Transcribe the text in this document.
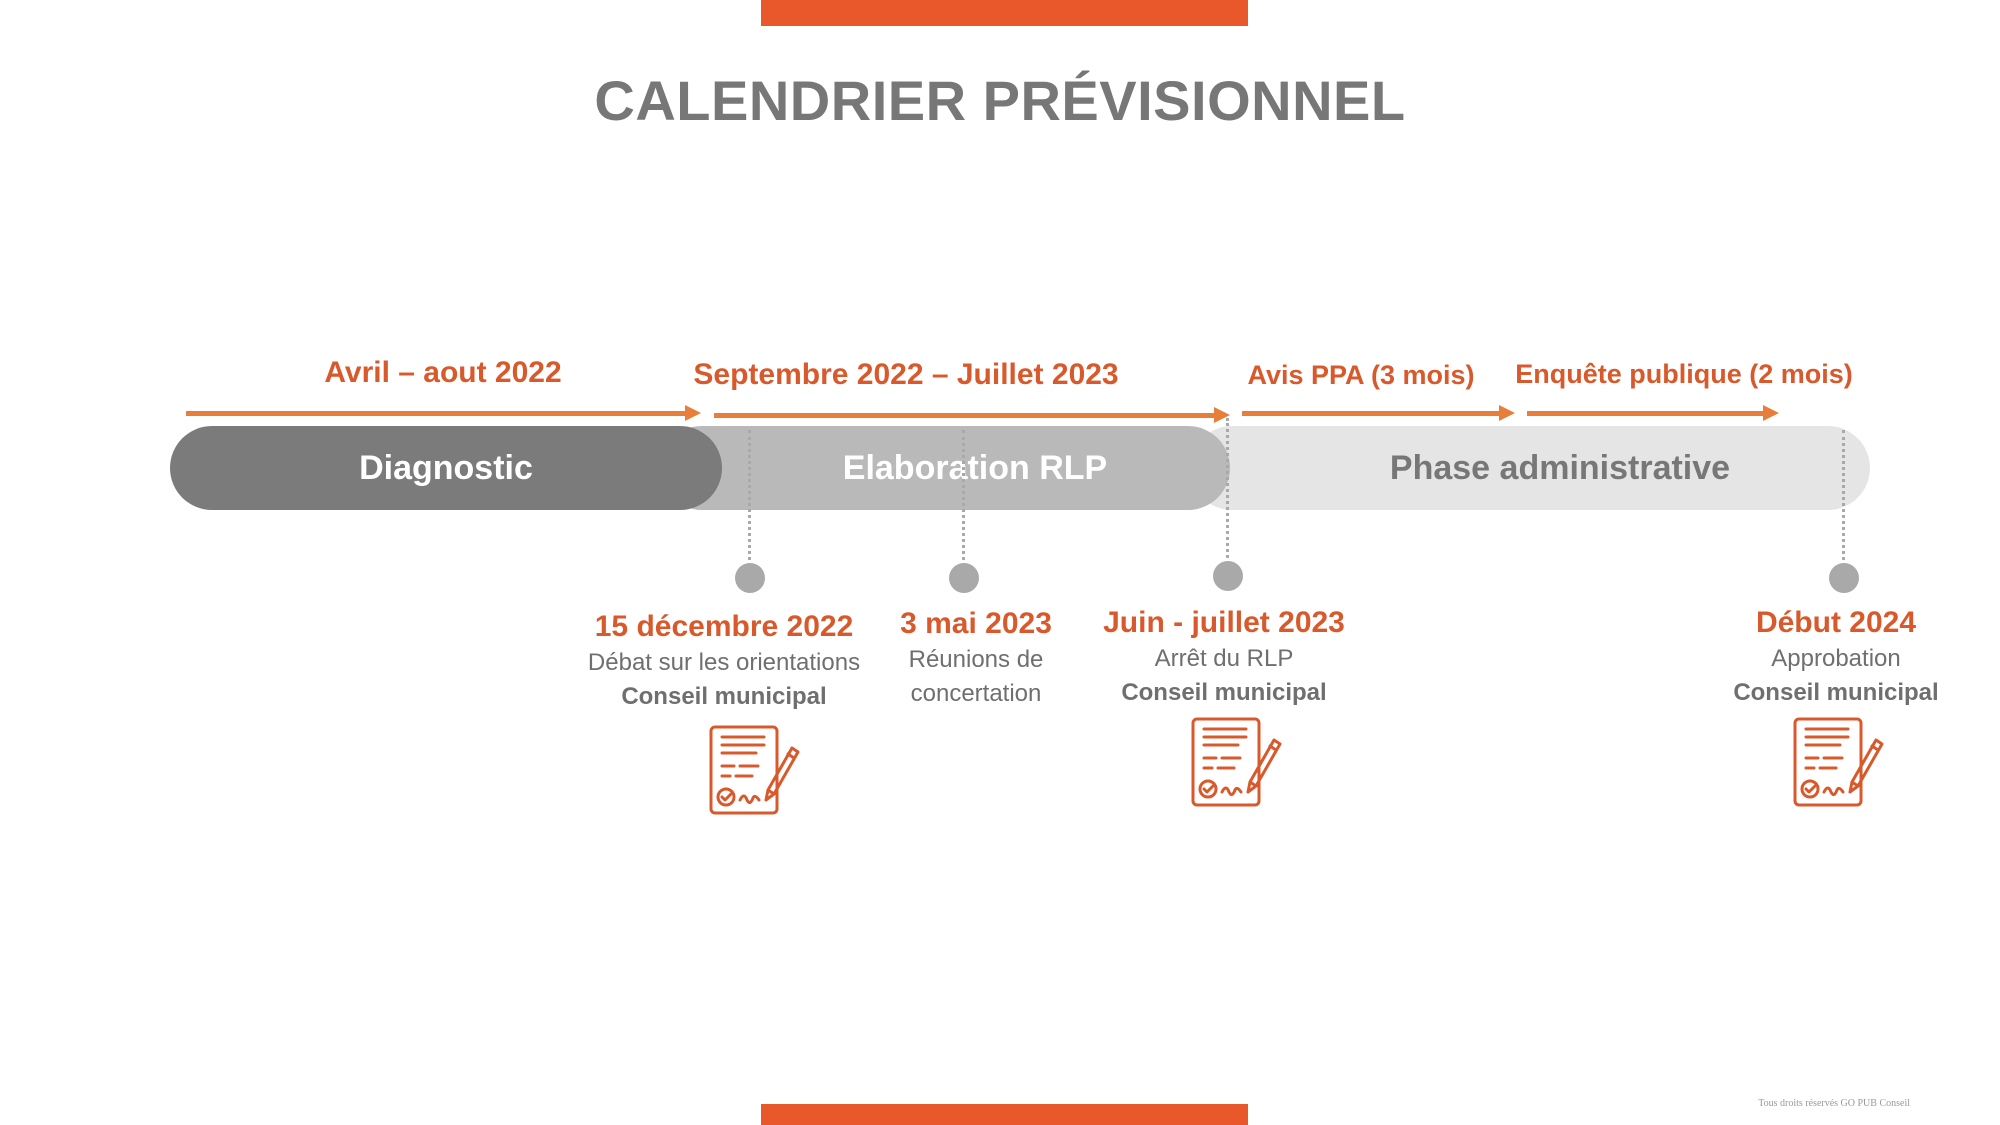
CALENDRIER PRÉVISIONNEL
Avril – aout 2022	Septembre 2022 – Juillet 2023	Avis PPA (3 mois) Enquête publique (2 mois)
Phase administrative
Elaboration RLP
Diagnostic
15 décembre 2022
Débat sur les orientations
Conseil municipal
3 mai 2023
Réunions de
concertation
Juin - juillet 2023
Arrêt du RLP
Conseil municipal
Début 2024
Approbation
Conseil municipal
Tous droits réservés GO PUB Conseil
